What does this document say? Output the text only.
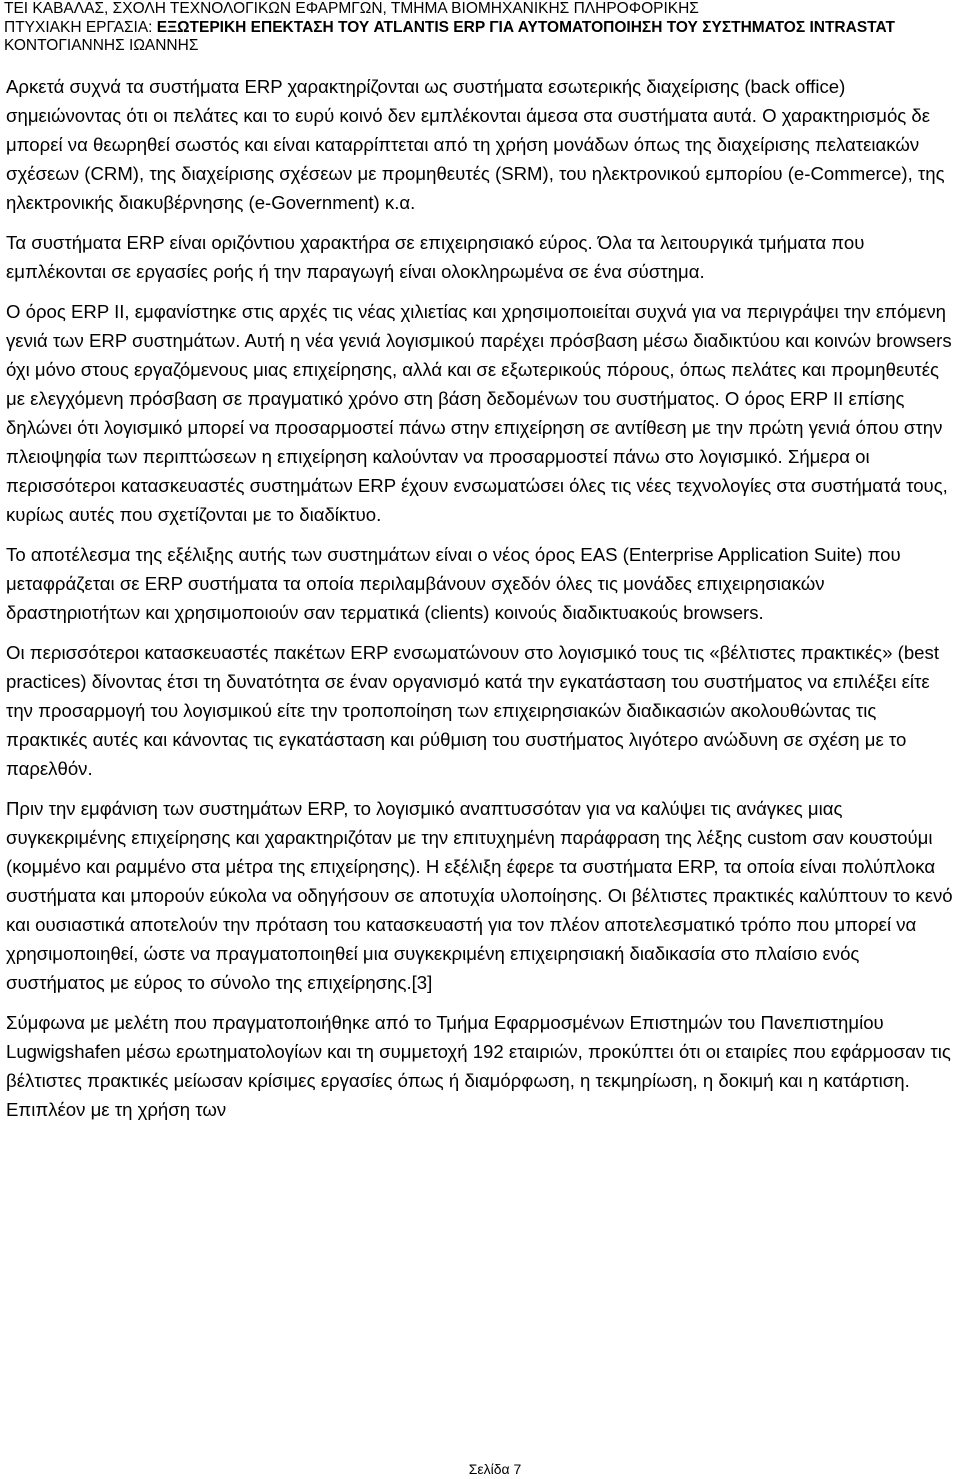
ΤΕΙ ΚΑΒΑΛΑΣ, ΣΧΟΛΗ ΤΕΧΝΟΛΟΓΙΚΩΝ ΕΦΑΡΜΓΩΝ, ΤΜΗΜΑ ΒΙΟΜΗΧΑΝΙΚΗΣ ΠΛΗΡΟΦΟΡΙΚΗΣ
ΠΤΥΧΙΑΚΗ ΕΡΓΑΣΙΑ: ΕΞΩΤΕΡΙΚΗ ΕΠΕΚΤΑΣΗ ΤΟΥ ATLANTIS ERP ΓΙΑ ΑΥΤΟΜΑΤΟΠΟΙΗΣΗ ΤΟΥ ΣΥΣΤΗΜΑΤΟΣ INTRASTAT
ΚΟΝΤΟΓΙΑΝΝΗΣ ΙΩΑΝΝΗΣ

Αρκετά συχνά τα συστήματα ERP χαρακτηρίζονται ως συστήματα εσωτερικής διαχείρισης (back office) σημειώνοντας ότι οι πελάτες και το ευρύ κοινό δεν εμπλέκονται άμεσα στα συστήματα αυτά. Ο χαρακτηρισμός δε μπορεί να θεωρηθεί σωστός και είναι καταρρίπτεται από τη χρήση μονάδων όπως της διαχείρισης πελατειακών σχέσεων (CRM), της διαχείρισης σχέσεων με προμηθευτές (SRM), του ηλεκτρονικού εμπορίου (e-Commerce), της ηλεκτρονικής διακυβέρνησης (e-Government) κ.α.

Τα συστήματα ERP είναι οριζόντιου χαρακτήρα σε επιχειρησιακό εύρος. Όλα τα λειτουργικά τμήματα που εμπλέκονται σε εργασίες ροής ή την παραγωγή είναι ολοκληρωμένα σε ένα σύστημα.

Ο όρος ERP II, εμφανίστηκε στις αρχές τις νέας χιλιετίας και χρησιμοποιείται συχνά για να περιγράψει την επόμενη γενιά των ERP συστημάτων. Αυτή η νέα γενιά λογισμικού παρέχει πρόσβαση μέσω διαδικτύου και κοινών browsers όχι μόνο στους εργαζόμενους μιας επιχείρησης, αλλά και σε εξωτερικούς πόρους, όπως πελάτες και προμηθευτές με ελεγχόμενη πρόσβαση σε πραγματικό χρόνο στη βάση δεδομένων του συστήματος. Ο όρος ERP II επίσης δηλώνει ότι λογισμικό μπορεί να προσαρμοστεί πάνω στην επιχείρηση σε αντίθεση με την πρώτη γενιά όπου στην πλειοψηφία των περιπτώσεων η επιχείρηση καλούνταν να προσαρμοστεί πάνω στο λογισμικό. Σήμερα οι περισσότεροι κατασκευαστές συστημάτων ERP έχουν ενσωματώσει όλες τις νέες τεχνολογίες στα συστήματά τους, κυρίως αυτές που σχετίζονται με το διαδίκτυο.

Το αποτέλεσμα της εξέλιξης αυτής των συστημάτων είναι ο νέος όρος EAS (Enterprise Application Suite) που μεταφράζεται σε ERP συστήματα τα οποία περιλαμβάνουν σχεδόν όλες τις μονάδες επιχειρησιακών δραστηριοτήτων και χρησιμοποιούν σαν τερματικά (clients) κοινούς διαδικτυακούς browsers.

Οι περισσότεροι κατασκευαστές πακέτων ERP ενσωματώνουν στο λογισμικό τους τις «βέλτιστες πρακτικές» (best practices) δίνοντας έτσι τη δυνατότητα σε έναν οργανισμό κατά την εγκατάσταση του συστήματος να επιλέξει είτε την προσαρμογή του λογισμικού είτε την τροποποίηση των επιχειρησιακών διαδικασιών ακολουθώντας τις πρακτικές αυτές και κάνοντας τις εγκατάσταση και ρύθμιση του συστήματος λιγότερο ανώδυνη σε σχέση με το παρελθόν.

Πριν την εμφάνιση των συστημάτων ERP, το λογισμικό αναπτυσσόταν για να καλύψει τις ανάγκες μιας συγκεκριμένης επιχείρησης και χαρακτηριζόταν με την επιτυχημένη παράφραση της λέξης custom σαν κουστούμι (κομμένο και ραμμένο στα μέτρα της επιχείρησης). Η εξέλιξη έφερε τα συστήματα ERP, τα οποία είναι πολύπλοκα συστήματα και μπορούν εύκολα να οδηγήσουν σε αποτυχία υλοποίησης. Οι βέλτιστες πρακτικές καλύπτουν το κενό και ουσιαστικά αποτελούν την πρόταση του κατασκευαστή για τον πλέον αποτελεσματικό τρόπο που μπορεί να χρησιμοποιηθεί, ώστε να πραγματοποιηθεί μια συγκεκριμένη επιχειρησιακή διαδικασία στο πλαίσιο ενός συστήματος με εύρος το σύνολο της επιχείρησης.[3]

Σύμφωνα με μελέτη που πραγματοποιήθηκε από το Τμήμα Εφαρμοσμένων Επιστημών του Πανεπιστημίου Lugwigshafen μέσω ερωτηματολογίων και τη συμμετοχή 192 εταιριών, προκύπτει ότι οι εταιρίες που εφάρμοσαν τις βέλτιστες πρακτικές μείωσαν κρίσιμες εργασίες όπως ή διαμόρφωση, η τεκμηρίωση, η δοκιμή και η κατάρτιση. Επιπλέον με τη χρήση των

Σελίδα 7
